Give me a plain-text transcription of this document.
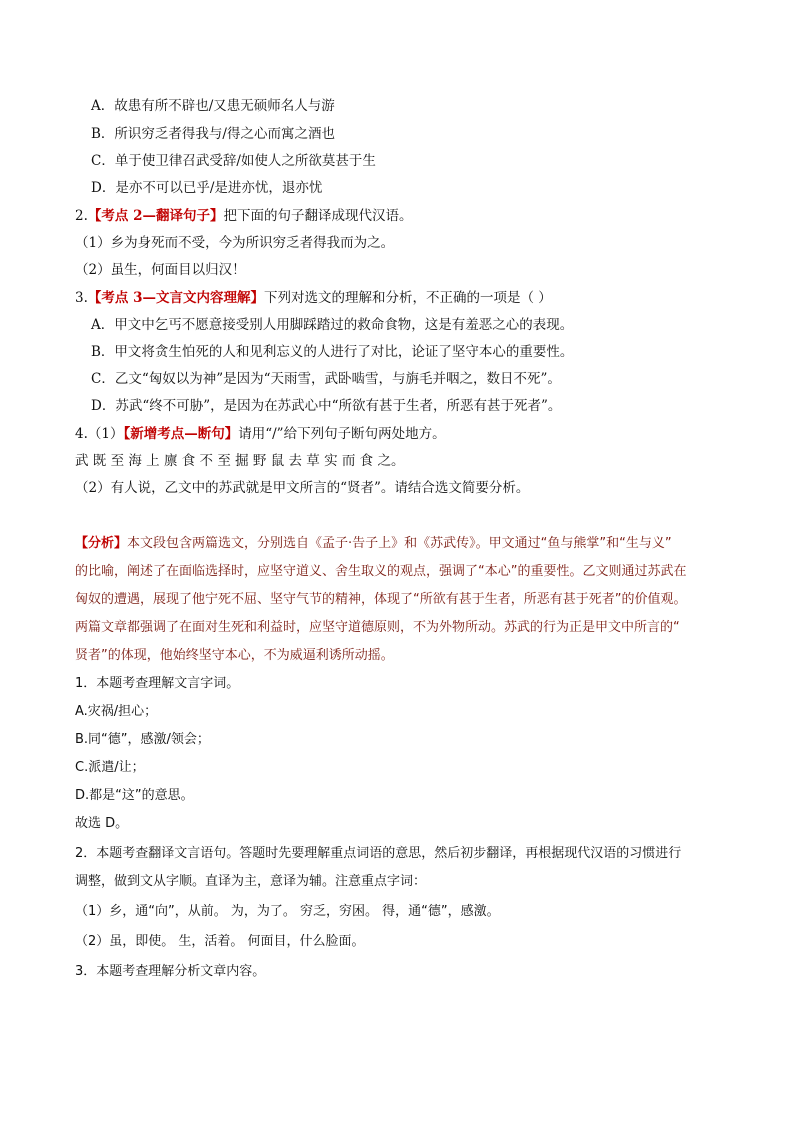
A．故患有所不辟也/又患无硕师名人与游
B．所识穷乏者得我与/得之心而寓之酒也
C．单于使卫律召武受辞/如使人之所欲莫甚于生
D．是亦不可以已乎/是进亦忧，退亦忧
2.【考点 2—翻译句子】把下面的句子翻译成现代汉语。
（1）乡为身死而不受，今为所识穷乏者得我而为之。
（2）虽生，何面目以归汉！
3.【考点 3—文言文内容理解】下列对选文的理解和分析，不正确的一项是（ ）
A．甲文中乞丐不愿意接受别人用脚踩踏过的救命食物，这是有羞恶之心的表现。
B．甲文将贪生怕死的人和见利忘义的人进行了对比，论证了坚守本心的重要性。
C．乙文“匈奴以为神”是因为“天雨雪，武卧啮雪，与旃毛并咽之，数日不死”。
D．苏武“终不可胁”，是因为在苏武心中“所欲有甚于生者，所恶有甚于死者”。
4.（1）【新增考点—断句】请用“/”给下列句子断句两处地方。
武 既 至 海 上 廪 食 不 至 掘 野 鼠 去 草 实 而 食 之。
（2）有人说，乙文中的苏武就是甲文所言的“贤者”。请结合选文简要分析。
【分析】本文段包含两篇选文，分别选自《孟子·告子上》和《苏武传》。甲文通过“鱼与熊掌”和“生与义”
的比喻，阐述了在面临选择时，应坚守道义、舍生取义的观点，强调了“本心”的重要性。乙文则通过苏武在
匈奴的遭遇，展现了他宁死不屈、坚守气节的精神，体现了“所欲有甚于生者，所恶有甚于死者”的价值观。
两篇文章都强调了在面对生死和利益时，应坚守道德原则，不为外物所动。苏武的行为正是甲文中所言的“
贤者”的体现，他始终坚守本心，不为威逼利诱所动摇。
1．本题考查理解文言字词。
A.灾祸/担心；
B.同“德”，感激/领会；
C.派遣/让；
D.都是“这”的意思。
故选 D。
2．本题考查翻译文言语句。答题时先要理解重点词语的意思，然后初步翻译，再根据现代汉语的习惯进行
调整，做到文从字顺。直译为主，意译为辅。注意重点字词：
（1）乡，通“向”，从前。 为，为了。 穷乏，穷困。 得，通“德”，感激。
（2）虽，即使。 生，活着。 何面目，什么脸面。
3．本题考查理解分析文章内容。
